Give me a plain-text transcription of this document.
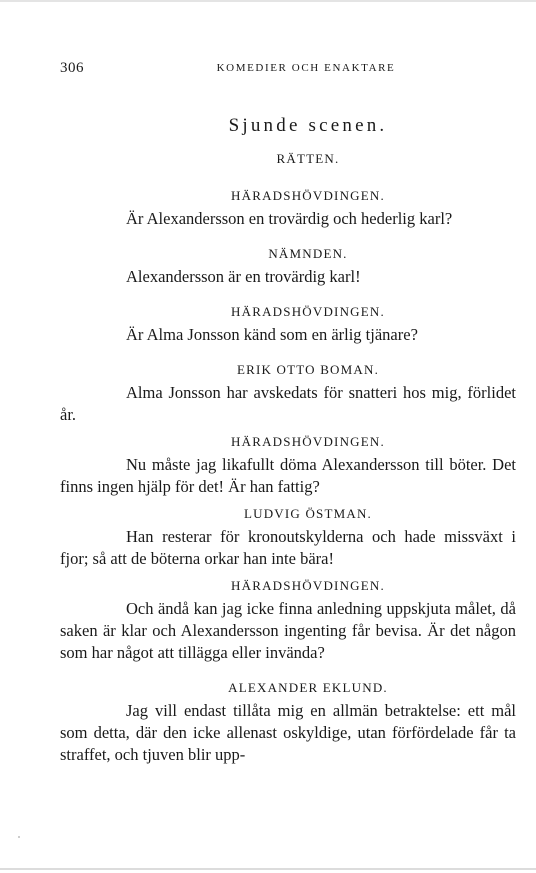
306	KOMEDIER OCH ENAKTARE
Sjunde scenen.
RÄTTEN.
HÄRADSHÖVDINGEN.

Är Alexandersson en trovärdig och hederlig karl?

NÄMNDEN.

Alexandersson är en trovärdig karl!

HÄRADSHÖVDINGEN.

Är Alma Jonsson känd som en ärlig tjänare?

ERIK OTTO BOMAN.

Alma Jonsson har avskedats för snatteri hos mig, förlidet år.

HÄRADSHÖVDINGEN.

Nu måste jag likafullt döma Alexandersson till böter. Det finns ingen hjälp för det! Är han fattig?

LUDVIG ÖSTMAN.

Han resterar för kronoutskylderna och hade missväxt i fjor; så att de böterna orkar han inte bära!

HÄRADSHÖVDINGEN.

Och ändå kan jag icke finna anledning uppskjuta målet, då saken är klar och Alexandersson ingenting får bevisa. Är det någon som har något att tillägga eller invända?

ALEXANDER EKLUND.

Jag vill endast tillåta mig en allmän betraktelse: ett mål som detta, där den icke allenast oskyldige, utan förfördelade får ta straffet, och tjuven blir upp-
